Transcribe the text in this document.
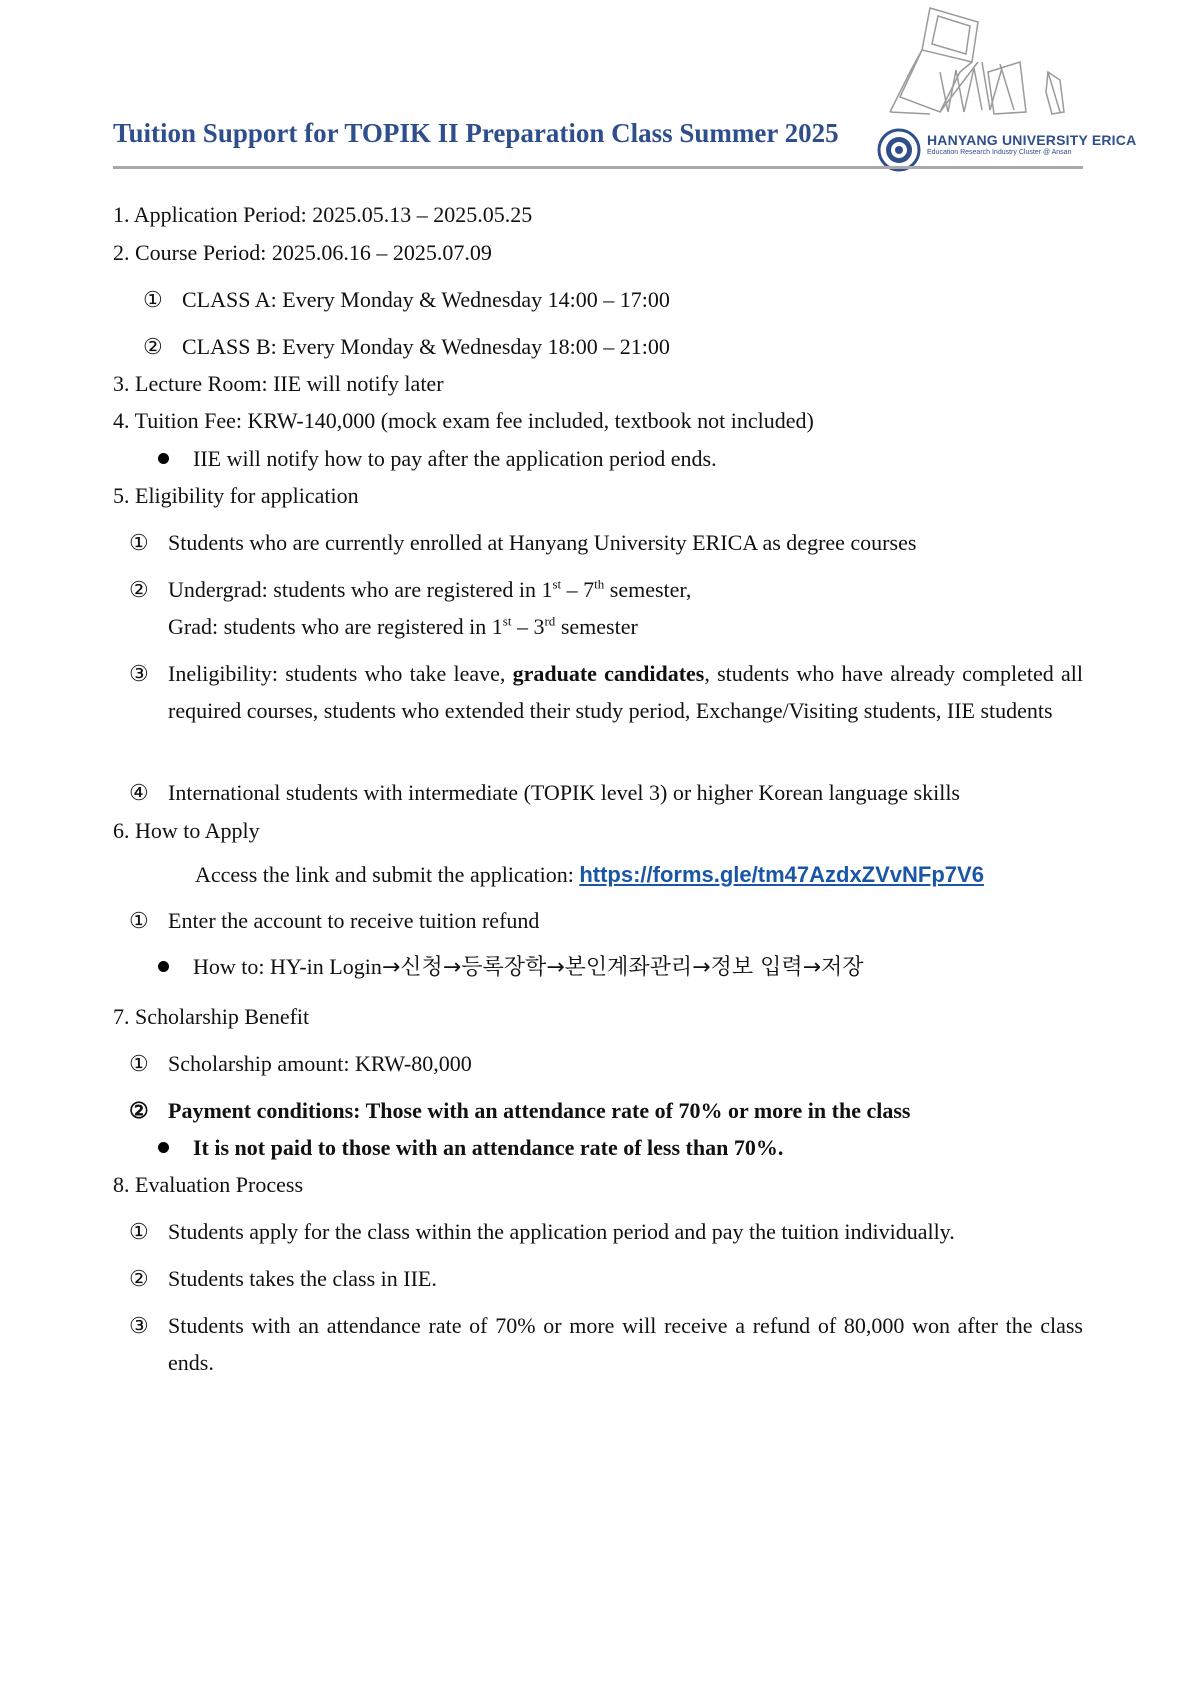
Tuition Support for TOPIK II Preparation Class Summer 2025	HANYANG UNIVERSITY ERICA
Education Research Industry Cluster @ Ansan
1. Application Period: 2025.05.13 – 2025.05.25
2. Course Period: 2025.06.16 – 2025.07.09
① CLASS A: Every Monday & Wednesday 14:00 – 17:00
② CLASS B: Every Monday & Wednesday 18:00 – 21:00
3. Lecture Room: IIE will notify later
4. Tuition Fee: KRW-140,000 (mock exam fee included, textbook not included)
IIE will notify how to pay after the application period ends.
5. Eligibility for application
① Students who are currently enrolled at Hanyang University ERICA as degree courses
② Undergrad: students who are registered in 1st – 7th semester,
Grad: students who are registered in 1st – 3rd semester
③ Ineligibility: students who take leave, graduate candidates, students who have already completed all required courses, students who extended their study period, Exchange/Visiting students, IIE students
④ International students with intermediate (TOPIK level 3) or higher Korean language skills
6. How to Apply
Access the link and submit the application: https://forms.gle/tm47AzdxZVvNFp7V6
① Enter the account to receive tuition refund
How to: HY-in Login→신청→등록장학→본인계좌관리→정보 입력→저장
7. Scholarship Benefit
① Scholarship amount: KRW-80,000
② Payment conditions: Those with an attendance rate of 70% or more in the class
It is not paid to those with an attendance rate of less than 70%.
8. Evaluation Process
① Students apply for the class within the application period and pay the tuition individually.
② Students takes the class in IIE.
③ Students with an attendance rate of 70% or more will receive a refund of 80,000 won after the class ends.
